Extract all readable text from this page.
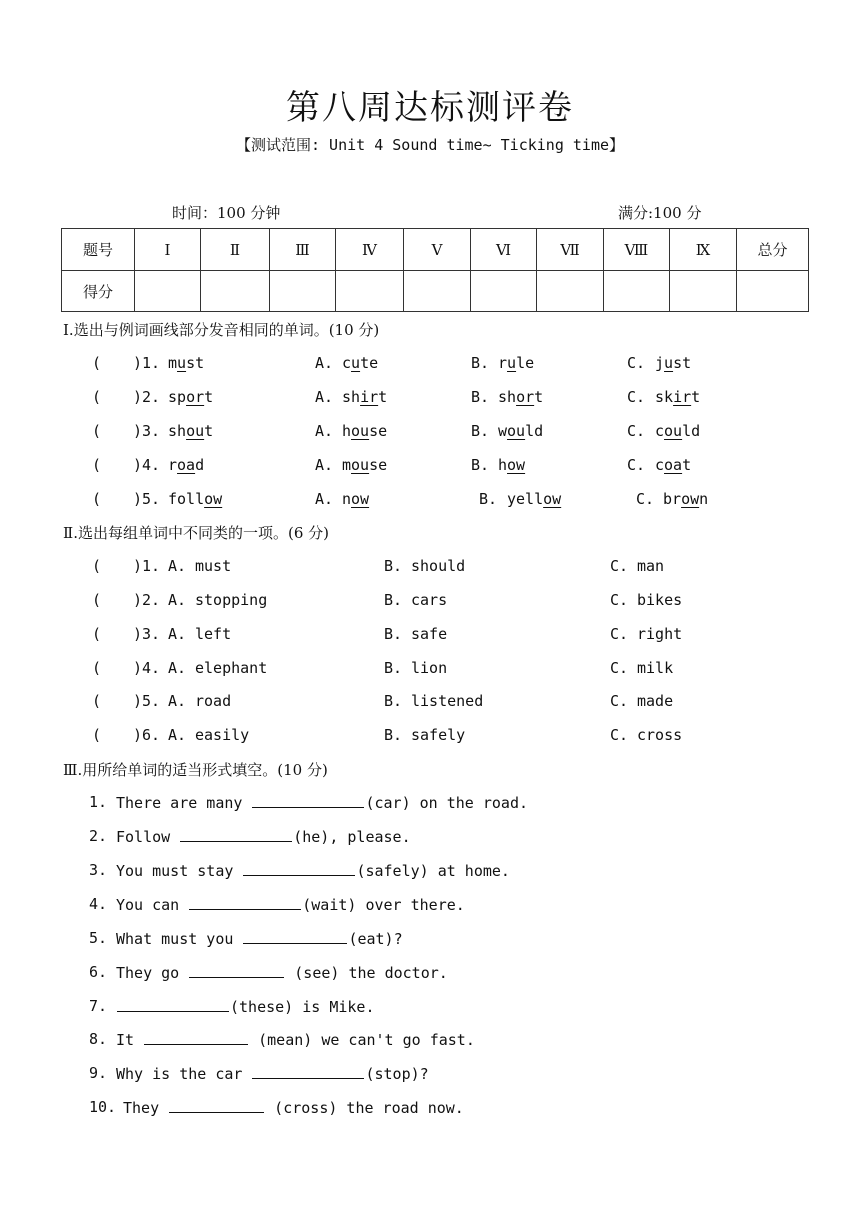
第八周达标测评卷
【测试范围: Unit 4 Sound time~ Ticking time】
时间：100 分钟	满分:100 分
题号	Ⅰ	Ⅱ	Ⅲ	Ⅳ	Ⅴ	Ⅵ	Ⅶ	Ⅷ	Ⅸ	总分
得分										
Ⅰ.选出与例词画线部分发音相同的单词。(10 分)
( )1. must	A. cute	B. rule	C. just
( )2. sport	A. shirt	B. short	C. skirt
( )3. shout	A. house	B. would	C. could
( )4. road	A. mouse	B. how	C. coat
( )5. follow	A. now	B. yellow	C. brown
Ⅱ.选出每组单词中不同类的一项。(6 分)
( )1. A. must	B. should	C. man
( )2. A. stopping	B. cars	C. bikes
( )3. A. left	B. safe	C. right
( )4. A. elephant	B. lion	C. milk
( )5. A. road	B. listened	C. made
( )6. A. easily	B. safely	C. cross
Ⅲ.用所给单词的适当形式填空。(10 分)
1. There are many	(car) on the road.
2. Follow	(he), please.
3. You must stay	(safely) at home.
4. You can	(wait) over there.
5. What must you	(eat)?
6. They go	(see) the doctor.
7.	(these) is Mike.
8. It	(mean) we can't go fast.
9. Why is the car	(stop)?
10. They	(cross) the road now.
